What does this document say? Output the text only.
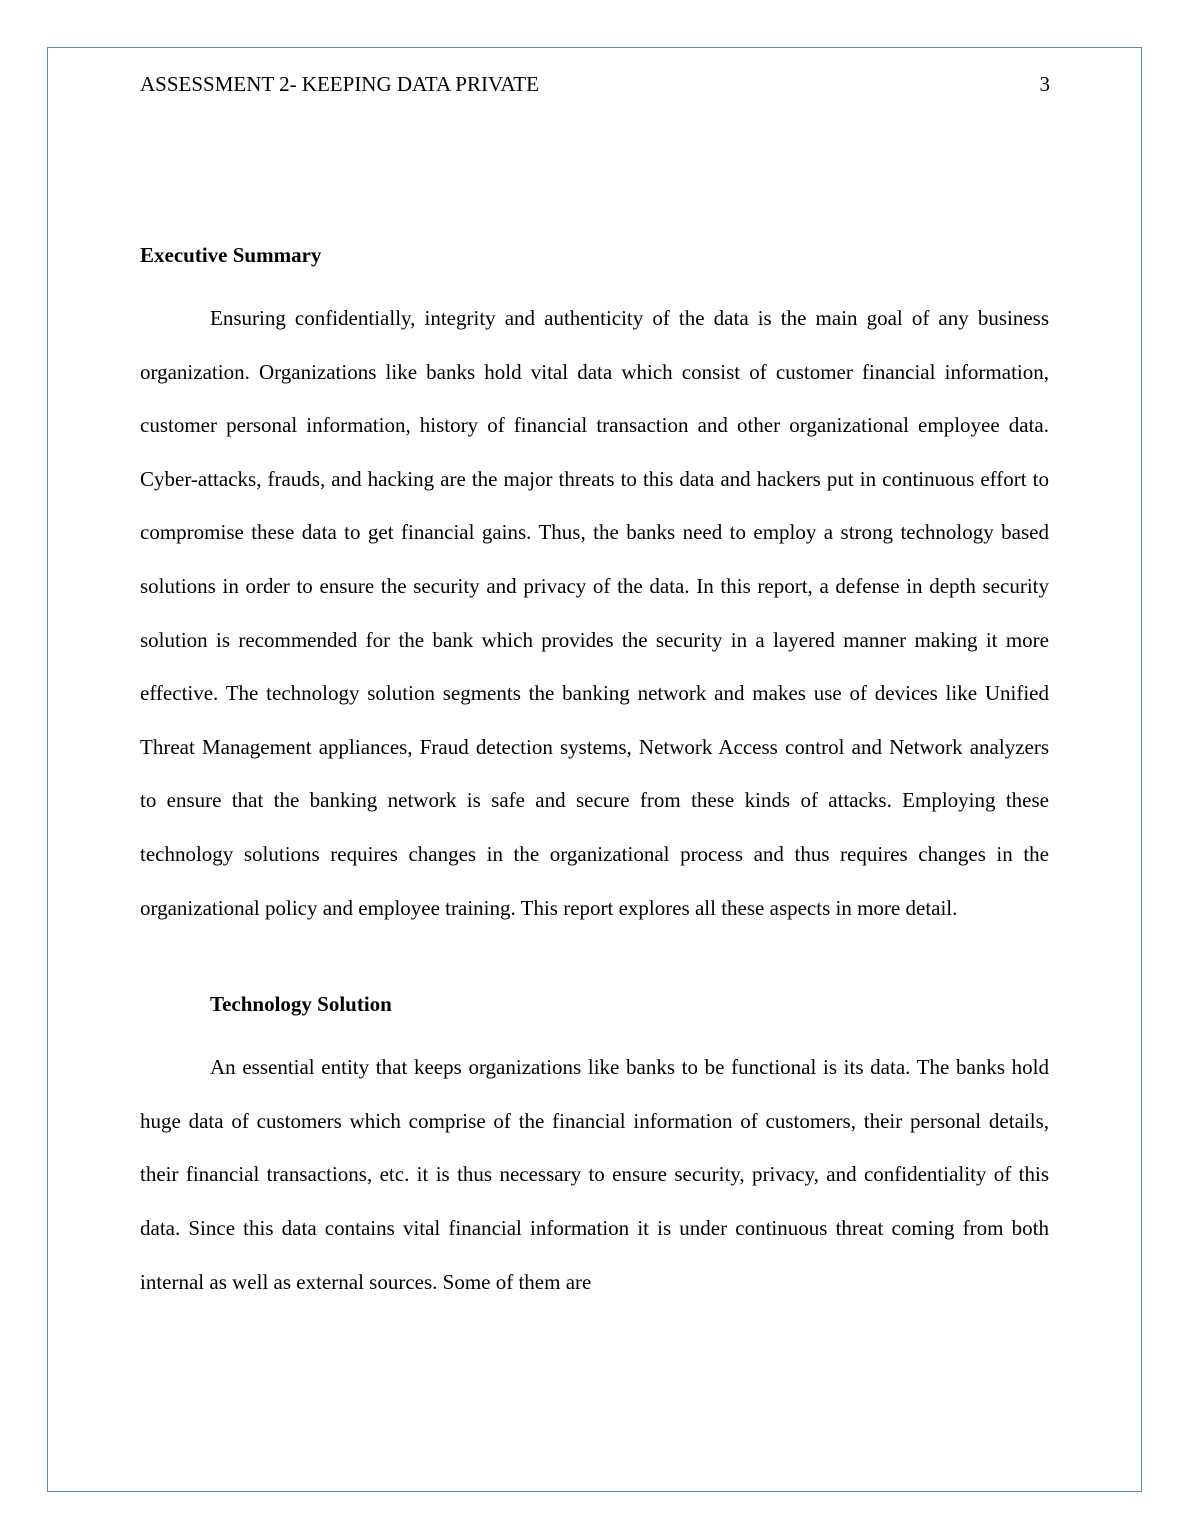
ASSESSMENT 2- KEEPING DATA PRIVATE	3
Executive Summary

Ensuring confidentially, integrity and authenticity of the data is the main goal of any business organization. Organizations like banks hold vital data which consist of customer financial information, customer personal information, history of financial transaction and other organizational employee data. Cyber-attacks, frauds, and hacking are the major threats to this data and hackers put in continuous effort to compromise these data to get financial gains. Thus, the banks need to employ a strong technology based solutions in order to ensure the security and privacy of the data. In this report, a defense in depth security solution is recommended for the bank which provides the security in a layered manner making it more effective. The technology solution segments the banking network and makes use of devices like Unified Threat Management appliances, Fraud detection systems, Network Access control and Network analyzers to ensure that the banking network is safe and secure from these kinds of attacks. Employing these technology solutions requires changes in the organizational process and thus requires changes in the organizational policy and employee training. This report explores all these aspects in more detail.

Technology Solution

An essential entity that keeps organizations like banks to be functional is its data. The banks hold huge data of customers which comprise of the financial information of customers, their personal details, their financial transactions, etc. it is thus necessary to ensure security, privacy, and confidentiality of this data. Since this data contains vital financial information it is under continuous threat coming from both internal as well as external sources. Some of them are
